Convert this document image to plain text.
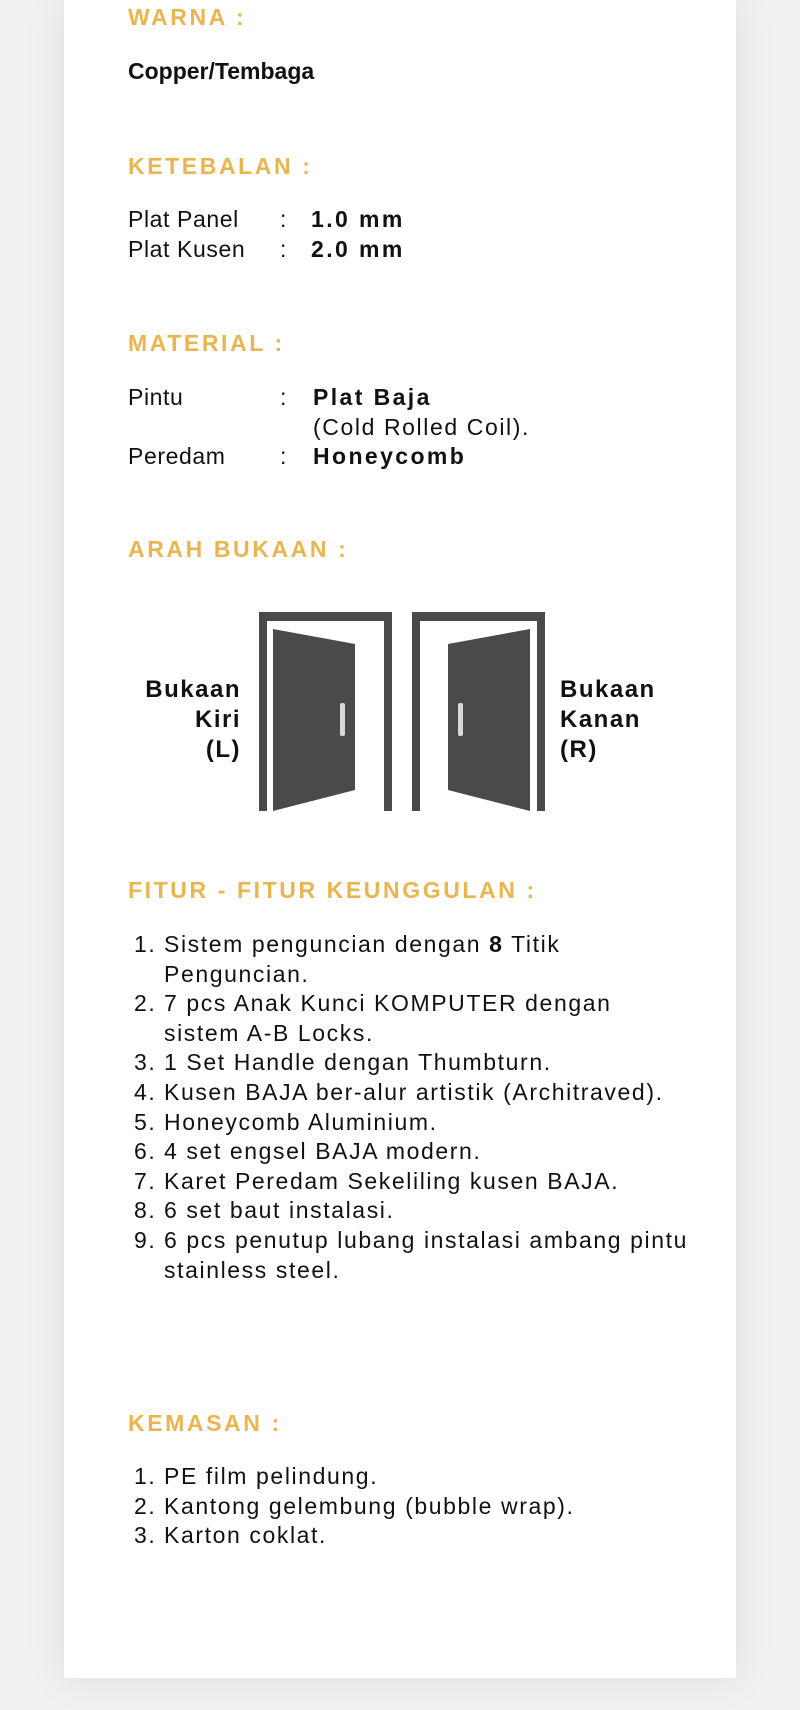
WARNA :
Copper/Tembaga
KETEBALAN :
Plat Panel : 1.0 mm
Plat Kusen : 2.0 mm
MATERIAL :
Pintu	: Plat Baja
(Cold Rolled Coil).
Peredam : Honeycomb
ARAH BUKAAN :
Bukaan
Kiri
(L)
Bukaan
Kanan
(R)
FITUR - FITUR KEUNGGULAN :
1. Sistem penguncian dengan 8 Titik Penguncian.
2. 7 pcs Anak Kunci KOMPUTER dengan sistem A-B Locks.
3. 1 Set Handle dengan Thumbturn.
4. Kusen BAJA ber-alur artistik (Architraved).
5. Honeycomb Aluminium.
6. 4 set engsel BAJA modern.
7. Karet Peredam Sekeliling kusen BAJA.
8. 6 set baut instalasi.
9. 6 pcs penutup lubang instalasi ambang pintu stainless steel.
KEMASAN :
1. PE film pelindung.
2. Kantong gelembung (bubble wrap).
3. Karton coklat.
